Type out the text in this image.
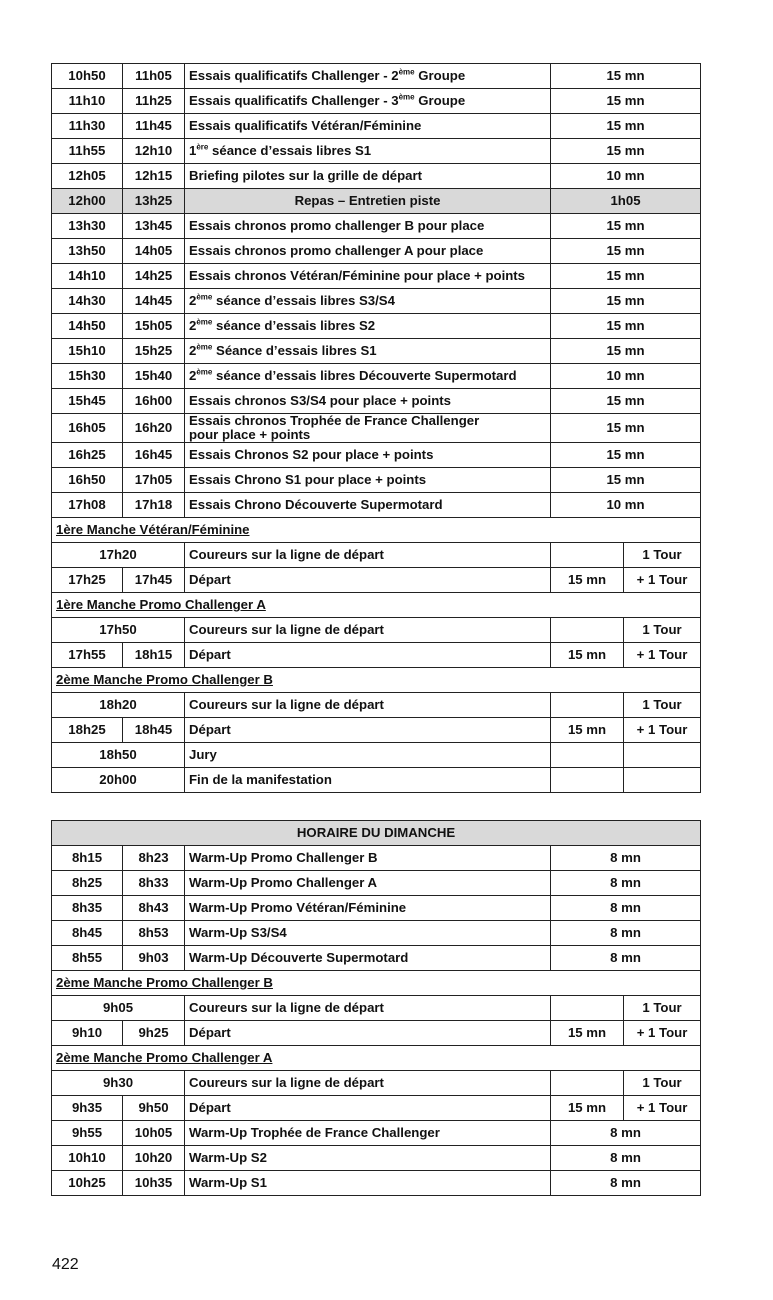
10h50	11h05	Essais qualificatifs Challenger - 2ème Groupe	15 mn	
11h10	11h25	Essais qualificatifs Challenger - 3ème Groupe	15 mn	
11h30	11h45	Essais qualificatifs Vétéran/Féminine	15 mn	
11h55	12h10	1ère séance d’essais libres S1	15 mn	
12h05	12h15	Briefing pilotes sur la grille de départ	10 mn	
12h00	13h25	Repas – Entretien piste	1h05	
13h30	13h45	Essais chronos promo challenger B pour place	15 mn	
13h50	14h05	Essais chronos promo challenger A pour place	15 mn	
14h10	14h25	Essais chronos Vétéran/Féminine pour place + points	15 mn	
14h30	14h45	2ème séance d’essais libres S3/S4	15 mn	
14h50	15h05	2ème séance d’essais libres S2	15 mn	
15h10	15h25	2ème Séance d’essais libres S1	15 mn	
15h30	15h40	2ème séance d’essais libres Découverte Supermotard	10 mn	
15h45	16h00	Essais chronos S3/S4 pour place + points	15 mn	
16h05	16h20	Essais chronos Trophée de France Challenger
pour place + points	15 mn	
16h25	16h45	Essais Chronos S2 pour place + points	15 mn	
16h50	17h05	Essais Chrono S1 pour place + points	15 mn	
17h08	17h18	Essais Chrono Découverte Supermotard	10 mn	
1ère Manche Vétéran/Féminine				
17h20		Coureurs sur la ligne de départ		1 Tour
17h25	17h45	Départ	15 mn	+ 1 Tour
1ère Manche Promo Challenger A				
17h50		Coureurs sur la ligne de départ		1 Tour
17h55	18h15	Départ	15 mn	+ 1 Tour
2ème Manche Promo Challenger B				
18h20		Coureurs sur la ligne de départ		1 Tour
18h25	18h45	Départ	15 mn	+ 1 Tour
18h50		Jury		
20h00		Fin de la manifestation		
HORAIRE DU DIMANCHE				
8h15	8h23	Warm-Up Promo Challenger B	8 mn	
8h25	8h33	Warm-Up Promo Challenger A	8 mn	
8h35	8h43	Warm-Up Promo Vétéran/Féminine	8 mn	
8h45	8h53	Warm-Up S3/S4	8 mn	
8h55	9h03	Warm-Up Découverte Supermotard	8 mn	
2ème Manche Promo Challenger B				
9h05		Coureurs sur la ligne de départ		1 Tour
9h10	9h25	Départ	15 mn	+ 1 Tour
2ème Manche Promo Challenger A				
9h30		Coureurs sur la ligne de départ		1 Tour
9h35	9h50	Départ	15 mn	+ 1 Tour
9h55	10h05	Warm-Up Trophée de France Challenger	8 mn	
10h10	10h20	Warm-Up S2	8 mn	
10h25	10h35	Warm-Up S1	8 mn	
422
